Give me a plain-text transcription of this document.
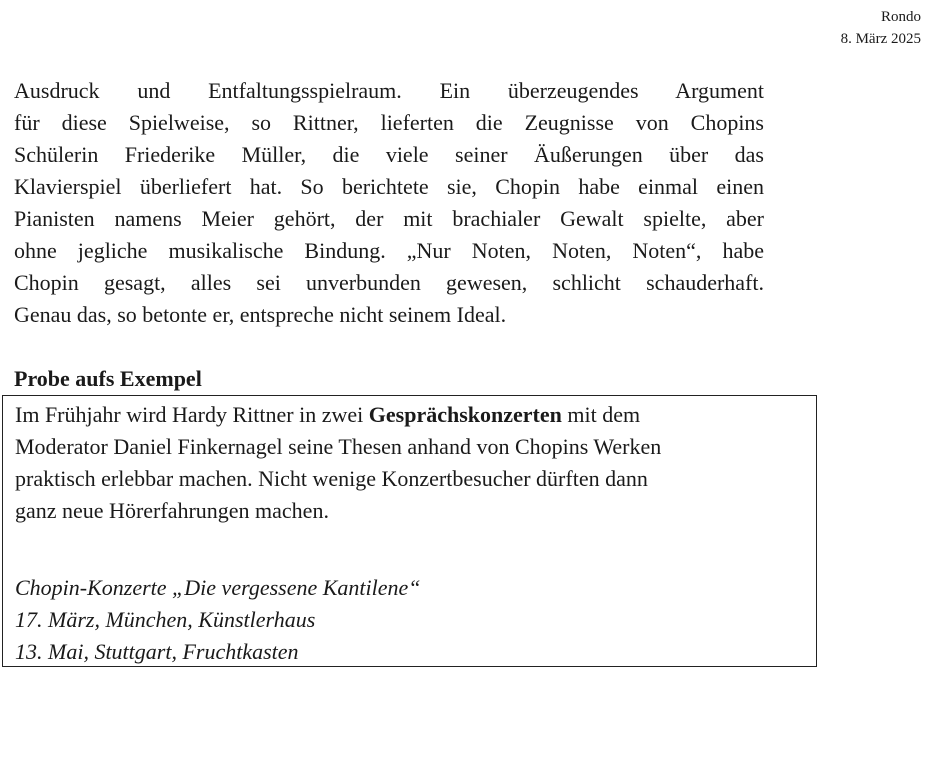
Rondo
8. März 2025

Ausdruck und Entfaltungsspielraum. Ein überzeugendes Argument
für diese Spielweise, so Rittner, lieferten die Zeugnisse von Chopins
Schülerin Friederike Müller, die viele seiner Äußerungen über das
Klavierspiel überliefert hat. So berichtete sie, Chopin habe einmal einen
Pianisten namens Meier gehört, der mit brachialer Gewalt spielte, aber
ohne jegliche musikalische Bindung. „Nur Noten, Noten, Noten“, habe
Chopin gesagt, alles sei unverbunden gewesen, schlicht schauderhaft.
Genau das, so betonte er, entspreche nicht seinem Ideal.

Probe aufs Exempel

Im Frühjahr wird Hardy Rittner in zwei Gesprächskonzerten mit dem
Moderator Daniel Finkernagel seine Thesen anhand von Chopins Werken
praktisch erlebbar machen. Nicht wenige Konzertbesucher dürften dann
ganz neue Hörerfahrungen machen.

Chopin-Konzerte „Die vergessene Kantilene“
17. März, München, Künstlerhaus
13. Mai, Stuttgart, Fruchtkasten
